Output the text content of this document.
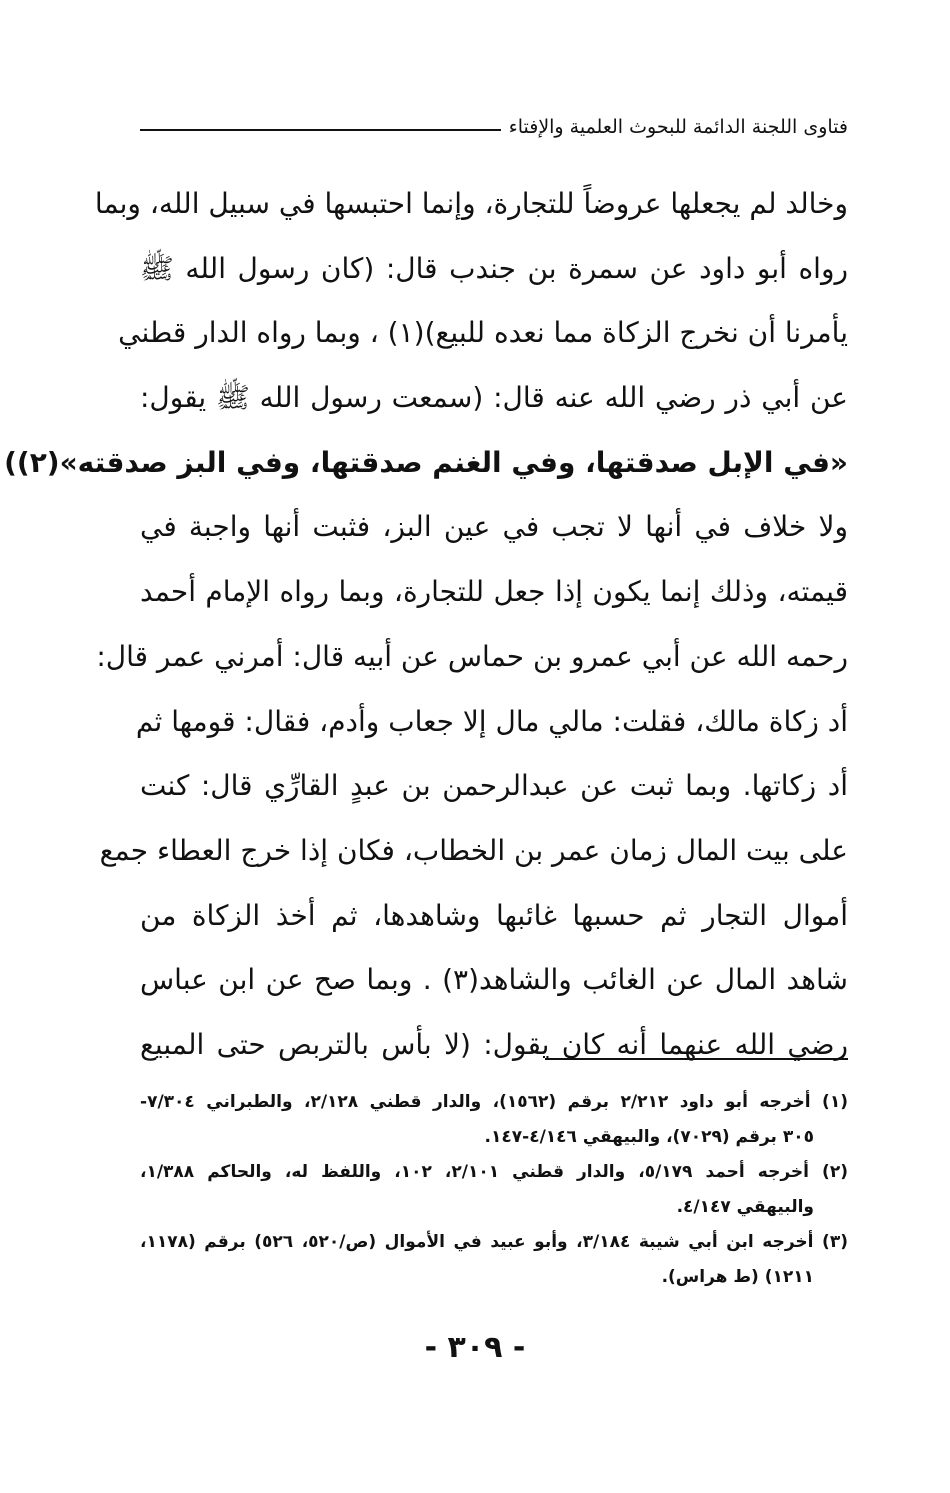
فتاوى اللجنة الدائمة للبحوث العلمية والإفتاء
وخالد لم يجعلها عروضاً للتجارة، وإنما احتبسها في سبيل الله، وبما
رواه أبو داود عن سمرة بن جندب قال: (كان رسول الله ﷺ
يأمرنا أن نخرج الزكاة مما نعده للبيع)(١) ، وبما رواه الدار قطني
عن أبي ذر رضي الله عنه قال: (سمعت رسول الله ﷺ يقول:
«في الإبل صدقتها، وفي الغنم صدقتها، وفي البز صدقته»(٢))
ولا خلاف في أنها لا تجب في عين البز، فثبت أنها واجبة في
قيمته، وذلك إنما يكون إذا جعل للتجارة، وبما رواه الإمام أحمد
رحمه الله عن أبي عمرو بن حماس عن أبيه قال: أمرني عمر قال:
أد زكاة مالك، فقلت: مالي مال إلا جعاب وأدم، فقال: قومها ثم
أد زكاتها. وبما ثبت عن عبدالرحمن بن عبدٍ القارِّي قال: كنت
على بيت المال زمان عمر بن الخطاب، فكان إذا خرج العطاء جمع
أموال التجار ثم حسبها غائبها وشاهدها، ثم أخذ الزكاة من
شاهد المال عن الغائب والشاهد(٣) . وبما صح عن ابن عباس
رضي الله عنهما أنه كان يقول: (لا بأس بالتربص حتى المبيع
(١) أخرجه أبو داود ٢/٢١٢ برقم (١٥٦٢)، والدار قطني ٢/١٢٨، والطبراني ٧/٣٠٤-
٣٠٥ برقم (٧٠٢٩)، والبيهقي ٤/١٤٦-١٤٧.
(٢) أخرجه أحمد ٥/١٧٩، والدار قطني ٢/١٠١، ١٠٢، واللفظ له، والحاكم ١/٣٨٨،
والبيهقي ٤/١٤٧.
(٣) أخرجه ابن أبي شيبة ٣/١٨٤، وأبو عبيد في الأموال (ص/٥٢٠، ٥٢٦) برقم (١١٧٨،
١٢١١) (ط هراس).
- ٣٠٩ -
